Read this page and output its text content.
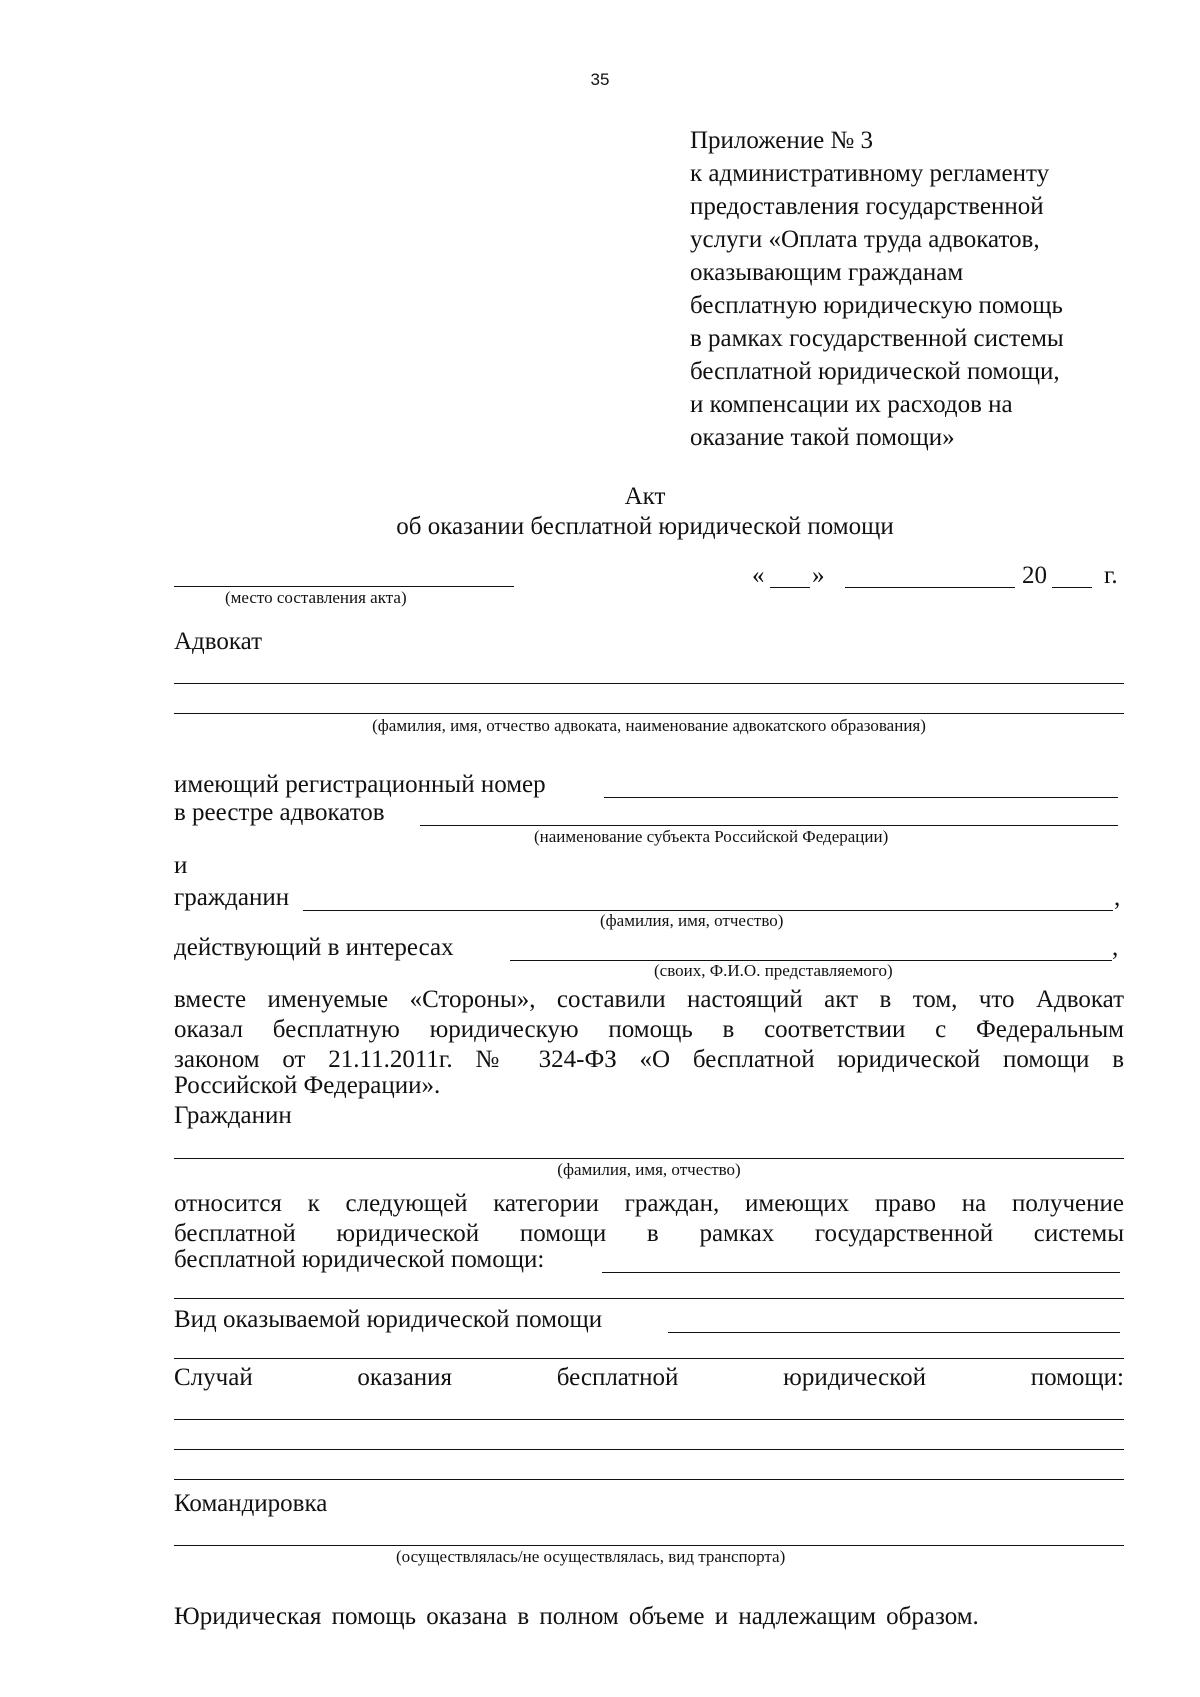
35
Приложение № 3
к административному регламенту
предоставления государственной
услуги «Оплата труда адвокатов,
оказывающим гражданам
бесплатную юридическую помощь
в рамках государственной системы
бесплатной юридической помощи,
и компенсации их расходов на
оказание такой помощи»
Акт
об оказании бесплатной юридической помощи
(место составления акта)
« »	20 г.
Адвокат
(фамилия, имя, отчество адвоката, наименование адвокатского образования)
имеющий регистрационный номер
в реестре адвокатов
(наименование субъекта Российской Федерации)
и
гражданин	,
(фамилия, имя, отчество)
действующий в интересах	,
(своих, Ф.И.О. представляемого)
вместе именуемые «Стороны», составили настоящий акт в том, что Адвокат
оказал бесплатную юридическую помощь в соответствии с Федеральным
законом от 21.11.2011г. № 324-ФЗ «О бесплатной юридической помощи в
Российской Федерации».
Гражданин
(фамилия, имя, отчество)
относится к следующей категории граждан, имеющих право на получение
бесплатной юридической помощи в рамках государственной системы
бесплатной юридической помощи:
Вид оказываемой юридической помощи
Случай	оказания	бесплатной	юридической	помощи:
Командировка
(осуществлялась/не осуществлялась, вид транспорта)
Юридическая помощь оказана в полном объеме и надлежащим образом.
